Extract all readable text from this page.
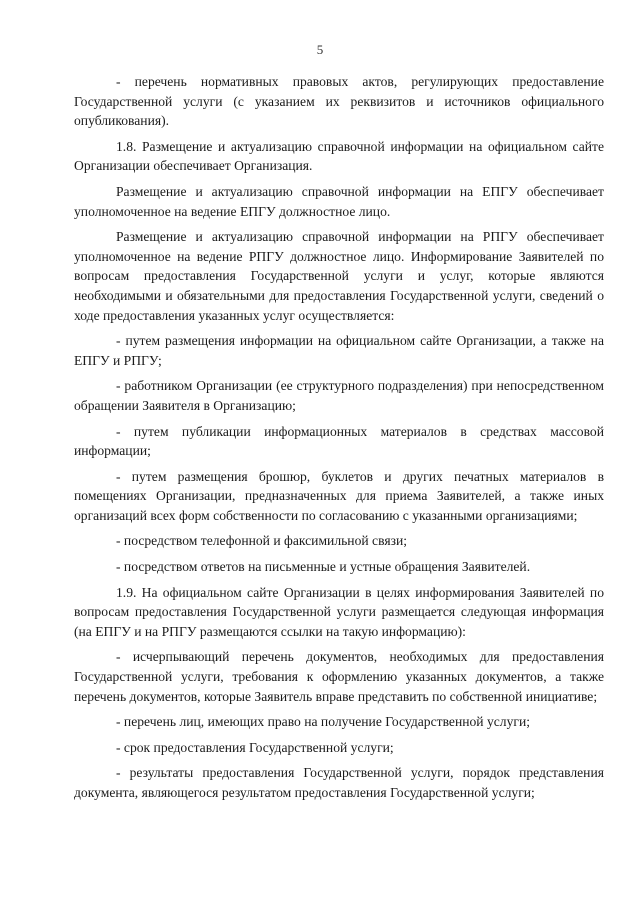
5

- перечень нормативных правовых актов, регулирующих предоставление Государственной услуги (с указанием их реквизитов и источников официального опубликования).

1.8. Размещение и актуализацию справочной информации на официальном сайте Организации обеспечивает Организация.

Размещение и актуализацию справочной информации на ЕПГУ обеспечивает уполномоченное на ведение ЕПГУ должностное лицо.

Размещение и актуализацию справочной информации на РПГУ обеспечивает уполномоченное на ведение РПГУ должностное лицо. Информирование Заявителей по вопросам предоставления Государственной услуги и услуг, которые являются необходимыми и обязательными для предоставления Государственной услуги, сведений о ходе предоставления указанных услуг осуществляется:

- путем размещения информации на официальном сайте Организации, а также на ЕПГУ и РПГУ;

- работником Организации (ее структурного подразделения) при непосредственном обращении Заявителя в Организацию;

- путем публикации информационных материалов в средствах массовой информации;

- путем размещения брошюр, буклетов и других печатных материалов в помещениях Организации, предназначенных для приема Заявителей, а также иных организаций всех форм собственности по согласованию с указанными организациями;

- посредством телефонной и факсимильной связи;

- посредством ответов на письменные и устные обращения Заявителей.

1.9. На официальном сайте Организации в целях информирования Заявителей по вопросам предоставления Государственной услуги размещается следующая информация (на ЕПГУ и на РПГУ размещаются ссылки на такую информацию):

- исчерпывающий перечень документов, необходимых для предоставления Государственной услуги, требования к оформлению указанных документов, а также перечень документов, которые Заявитель вправе представить по собственной инициативе;

- перечень лиц, имеющих право на получение Государственной услуги;

- срок предоставления Государственной услуги;

- результаты предоставления Государственной услуги, порядок представления документа, являющегося результатом предоставления Государственной услуги;
